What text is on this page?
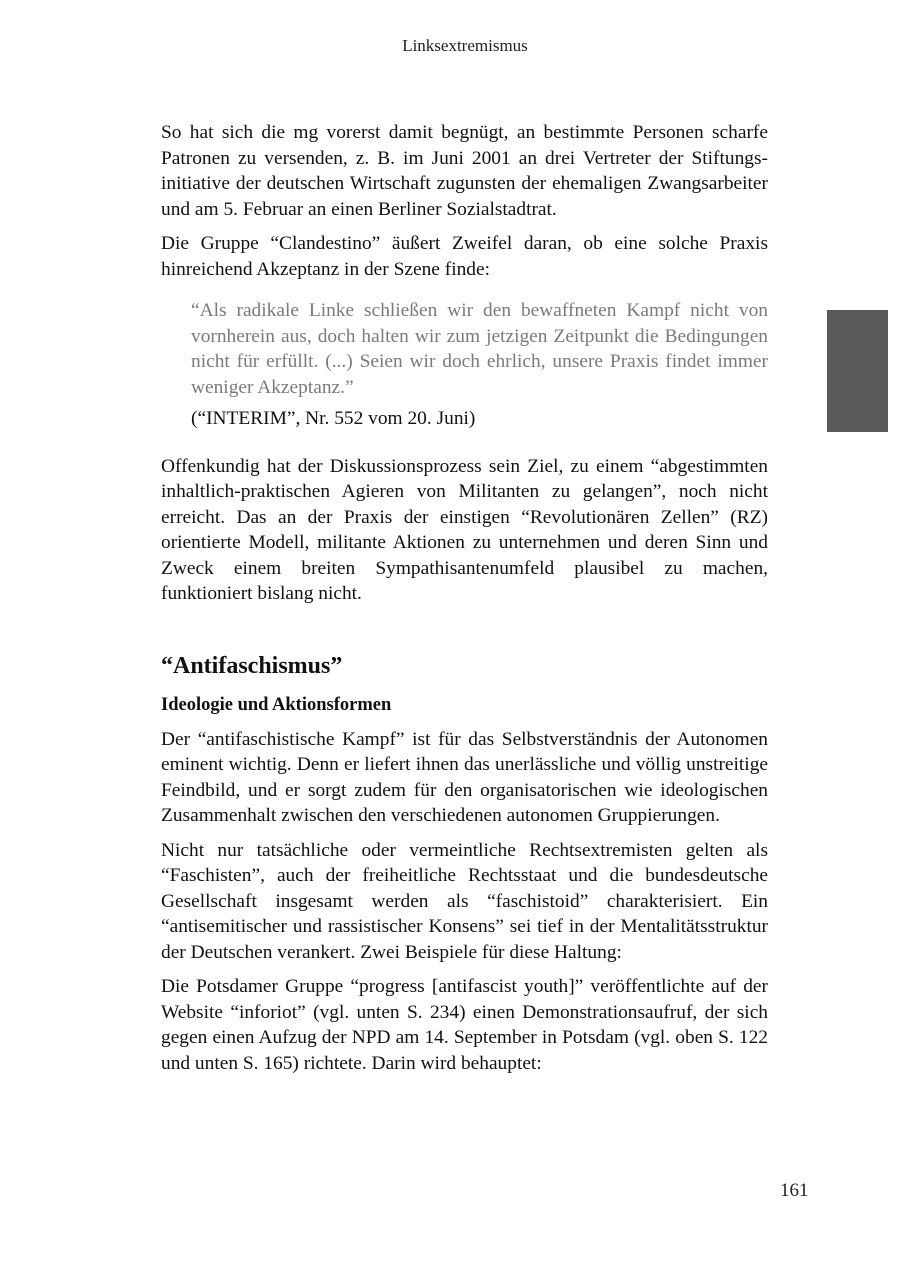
Linksextremismus

So hat sich die mg vorerst damit begnügt, an bestimmte Personen scharfe Patronen zu versenden, z. B. im Juni 2001 an drei Vertreter der Stiftungsinitiative der deutschen Wirtschaft zugunsten der ehemaligen Zwangsarbeiter und am 5. Februar an einen Berliner Sozialstadtrat.

Die Gruppe “Clandestino” äußert Zweifel daran, ob eine solche Praxis hinreichend Akzeptanz in der Szene finde:

“Als radikale Linke schließen wir den bewaffneten Kampf nicht von vornherein aus, doch halten wir zum jetzigen Zeitpunkt die Bedingungen nicht für erfüllt. (...) Seien wir doch ehrlich, unsere Praxis findet immer weniger Akzeptanz.”

(“INTERIM”, Nr. 552 vom 20. Juni)

Offenkundig hat der Diskussionsprozess sein Ziel, zu einem “abgestimmten inhaltlich-praktischen Agieren von Militanten zu gelangen”, noch nicht erreicht. Das an der Praxis der einstigen “Revolutionären Zellen” (RZ) orientierte Modell, militante Aktionen zu unternehmen und deren Sinn und Zweck einem breiten Sympathisantenumfeld plausibel zu machen, funktioniert bislang nicht.

“Antifaschismus”
Ideologie und Aktionsformen

Der “antifaschistische Kampf” ist für das Selbstverständnis der Autonomen eminent wichtig. Denn er liefert ihnen das unerlässliche und völlig unstreitige Feindbild, und er sorgt zudem für den organisatorischen wie ideologischen Zusammenhalt zwischen den verschiedenen autonomen Gruppierungen.

Nicht nur tatsächliche oder vermeintliche Rechtsextremisten gelten als “Faschisten”, auch der freiheitliche Rechtsstaat und die bundesdeutsche Gesellschaft insgesamt werden als “faschistoid” charakterisiert. Ein “antisemitischer und rassistischer Konsens” sei tief in der Mentalitätsstruktur der Deutschen verankert. Zwei Beispiele für diese Haltung:

Die Potsdamer Gruppe “progress [antifascist youth]” veröffentlichte auf der Website “inforiot” (vgl. unten S. 234) einen Demonstrationsaufruf, der sich gegen einen Aufzug der NPD am 14. September in Potsdam (vgl. oben S. 122 und unten S. 165) richtete. Darin wird behauptet:

161
